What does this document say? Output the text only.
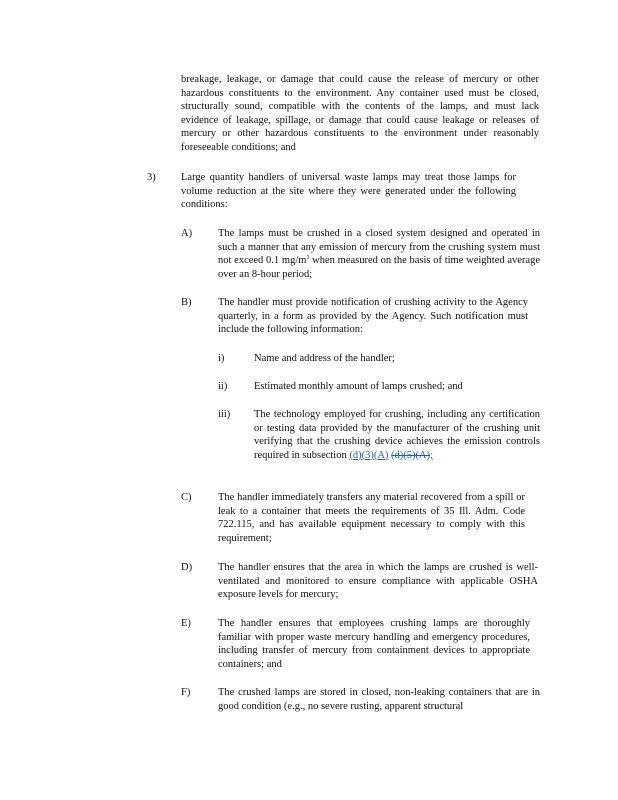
breakage, leakage, or damage that could cause the release of mercury or other hazardous constituents to the environment. Any container used must be closed, structurally sound, compatible with the contents of the lamps, and must lack evidence of leakage, spillage, or damage that could cause leakage or releases of mercury or other hazardous constituents to the environment under reasonably foreseeable conditions; and
3) Large quantity handlers of universal waste lamps may treat those lamps for volume reduction at the site where they were generated under the following conditions:
A) The lamps must be crushed in a closed system designed and operated in such a manner that any emission of mercury from the crushing system must not exceed 0.1 $mg/m^3$ when measured on the basis of time weighted average over an 8-hour period;
B)	The handler must provide notification of crushing activity to the Agency quarterly, in a form as provided by the Agency. Such notification must include the following information:
i)	Name and address of the handler;
ii)	Estimated monthly amount of lamps crushed; and
iii) The technology employed for crushing, including any certification or testing data provided by the manufacturer of the crushing unit verifying that the crushing device achieves the emission controls required in subsection (d)(3)(A) (d)(5)(A);
C)	The handler immediately transfers any material recovered from a spill or leak to a container that meets the requirements of 35 Ill. Adm. Code 722.115, and has available equipment necessary to comply with this requirement;
D) The handler ensures that the area in which the lamps are crushed is well-ventilated and monitored to ensure compliance with applicable OSHA exposure levels for mercury;
E)	The handler ensures that employees crushing lamps are thoroughly familiar with proper waste mercury handling and emergency procedures, including transfer of mercury from containment devices to appropriate containers; and
F)	The crushed lamps are stored in closed, non-leaking containers that are in good condition (e.g., no severe rusting, apparent structural
